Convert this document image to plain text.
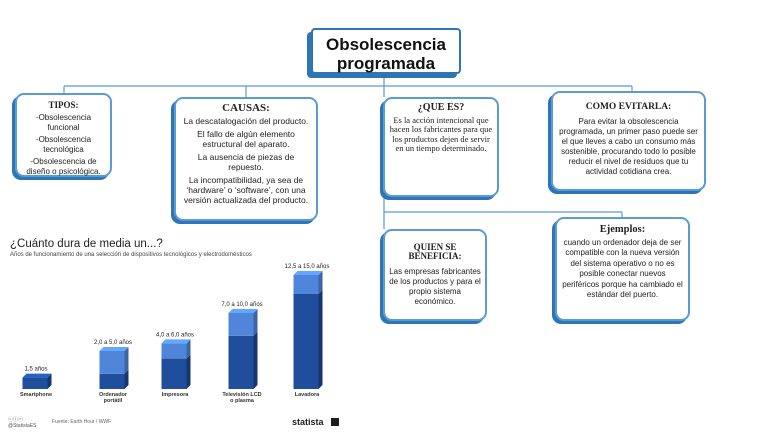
Obsolescencia
programada
TIPOS:

-Obsolescencia funcional

-Obsolescencia tecnológica

-Obsolescencia de diseño o psicológica.

CAUSAS:

La descatalogación del producto.

El fallo de algún elemento estructural del aparato.

La ausencia de piezas de repuesto.

La incompatibilidad, ya sea de ‘hardware’ o ‘software’, con una versión actualizada del producto.

¿QUE ES?

Es la acción intencional que hacen los fabricantes para que los productos dejen de servir en un tiempo determinado.

COMO EVITARLA:

Para evitar la obsolescencia programada, un primer paso puede ser el que lleves a cabo un consumo más sostenible, procurando todo lo posible reducir el nivel de residuos que tu actividad cotidiana crea.

QUIEN SE BENEFICIA:

Las empresas fabricantes de los productos y para el propio sistema económico.

Ejemplos:

cuando un ordenador deja de ser compatible con la nueva versión del sistema operativo o no es posible conectar nuevos periféricos porque ha cambiado el estándar del puerto.

¿Cuánto dura de media un...?
Años de funcionamiento de una selección de dispositivos tecnológicos y electrodomésticos
1,5 años
Smartphone
2,0 a 5,0 años
Ordenador
portátil
4,0 a 6,0 años
Impresora
7,0 a 10,0 años
Televisión LCD
o plasma
12,5 a 15,0 años
Lavadora
ⓒⓘⓔ
@StatistaES
Fuente: Earth Hour / WWF	statista
